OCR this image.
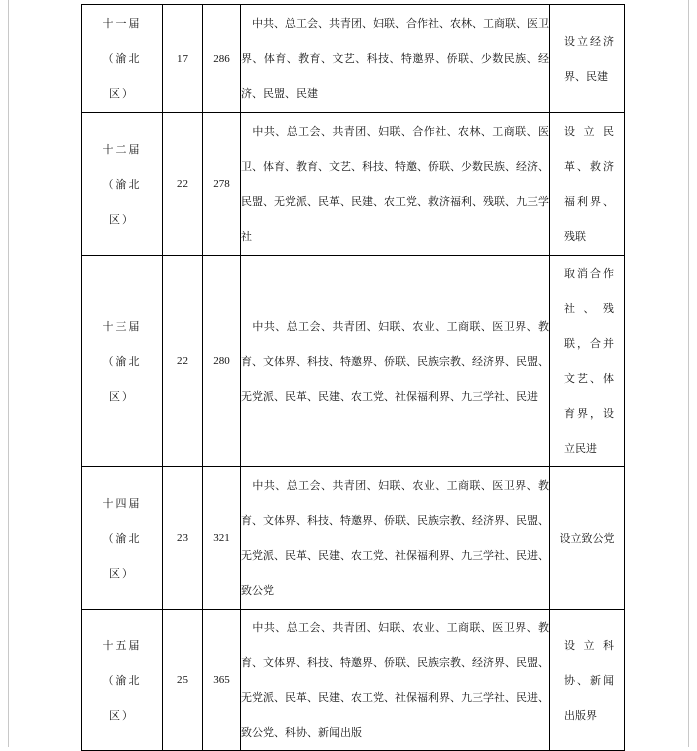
十一届
（渝北
区）	17	286	中共、总工会、共青团、妇联、合作社、农林、工商联、医卫界、体育、教育、文艺、科技、特邀界、侨联、少数民族、经济、民盟、民建	设立经济界、民建

十二届
（渝北
区）	22	278	中共、总工会、共青团、妇联、合作社、农林、工商联、医卫、体育、教育、文艺、科技、特邀、侨联、少数民族、经济、民盟、无党派、民革、民建、农工党、救济福利、残联、九三学社	设立民革、救济福利界、残联

十三届
（渝北
区）	22	280	中共、总工会、共青团、妇联、农业、工商联、医卫界、教育、文体界、科技、特邀界、侨联、民族宗教、经济界、民盟、无党派、民革、民建、农工党、社保福利界、九三学社、民进	取消合作社、残联，合并文艺、体育界，设立民进

十四届
（渝北
区）	23	321	中共、总工会、共青团、妇联、农业、工商联、医卫界、教育、文体界、科技、特邀界、侨联、民族宗教、经济界、民盟、无党派、民革、民建、农工党、社保福利界、九三学社、民进、致公党	设立致公党

十五届
（渝北
区）	25	365	中共、总工会、共青团、妇联、农业、工商联、医卫界、教育、文体界、科技、特邀界、侨联、民族宗教、经济界、民盟、无党派、民革、民建、农工党、社保福利界、九三学社、民进、致公党、科协、新闻出版	设立科协、新闻出版界
